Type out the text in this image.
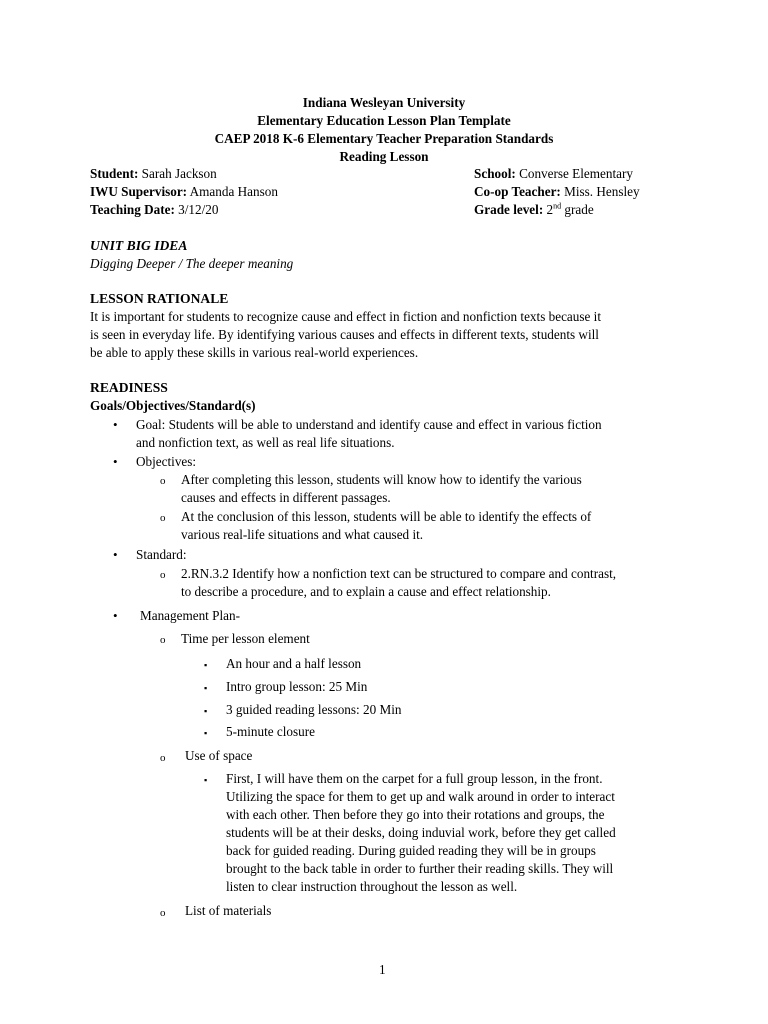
Indiana Wesleyan University
Elementary Education Lesson Plan Template
CAEP 2018 K-6 Elementary Teacher Preparation Standards
Reading Lesson
Student: Sarah Jackson
IWU Supervisor: Amanda Hanson
Teaching Date: 3/12/20
School: Converse Elementary
Co-op Teacher: Miss. Hensley
Grade level: 2nd grade
UNIT BIG IDEA
Digging Deeper / The deeper meaning
LESSON RATIONALE
It is important for students to recognize cause and effect in fiction and nonfiction texts because it
is seen in everyday life. By identifying various causes and effects in different texts, students will
be able to apply these skills in various real-world experiences.
READINESS
Goals/Objectives/Standard(s)
• Goal: Students will be able to understand and identify cause and effect in various fiction
and nonfiction text, as well as real life situations.
• Objectives:
o After completing this lesson, students will know how to identify the various
causes and effects in different passages.
o At the conclusion of this lesson, students will be able to identify the effects of
various real-life situations and what caused it.
• Standard:
o 2.RN.3.2 Identify how a nonfiction text can be structured to compare and contrast,
to describe a procedure, and to explain a cause and effect relationship.
• Management Plan-
o Time per lesson element
▪ An hour and a half lesson
▪ Intro group lesson: 25 Min
▪ 3 guided reading lessons: 20 Min
▪ 5-minute closure
o Use of space
▪ First, I will have them on the carpet for a full group lesson, in the front.
Utilizing the space for them to get up and walk around in order to interact
with each other. Then before they go into their rotations and groups, the
students will be at their desks, doing induvial work, before they get called
back for guided reading. During guided reading they will be in groups
brought to the back table in order to further their reading skills. They will
listen to clear instruction throughout the lesson as well.
o List of materials
1
